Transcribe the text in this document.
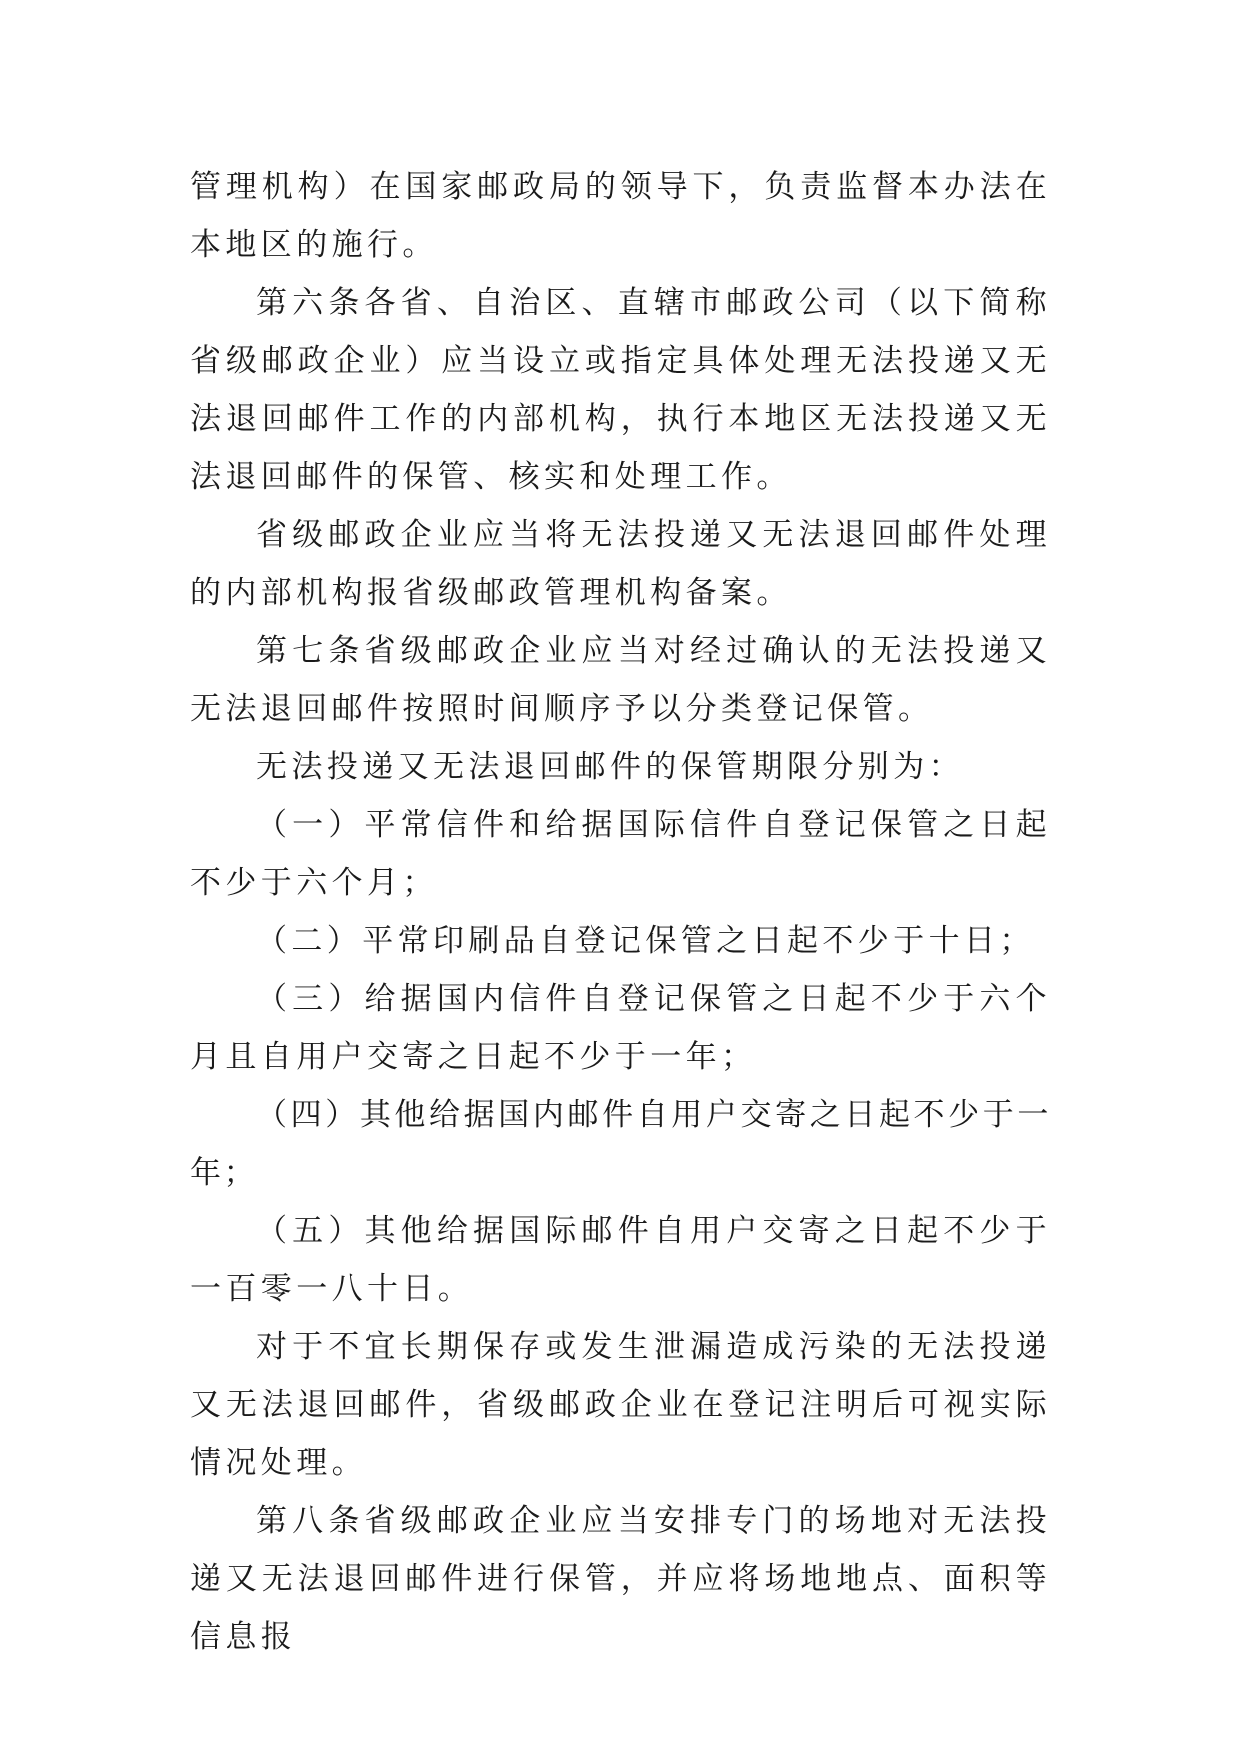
管理机构）在国家邮政局的领导下，负责监督本办法在本地区的施行。

第六条各省、自治区、直辖市邮政公司（以下简称省级邮政企业）应当设立或指定具体处理无法投递又无法退回邮件工作的内部机构，执行本地区无法投递又无法退回邮件的保管、核实和处理工作。

省级邮政企业应当将无法投递又无法退回邮件处理的内部机构报省级邮政管理机构备案。

第七条省级邮政企业应当对经过确认的无法投递又无法退回邮件按照时间顺序予以分类登记保管。

无法投递又无法退回邮件的保管期限分别为：

（一）平常信件和给据国际信件自登记保管之日起不少于六个月；

（二）平常印刷品自登记保管之日起不少于十日；

（三）给据国内信件自登记保管之日起不少于六个月且自用户交寄之日起不少于一年；

（四）其他给据国内邮件自用户交寄之日起不少于一年；

（五）其他给据国际邮件自用户交寄之日起不少于一百零一八十日。

对于不宜长期保存或发生泄漏造成污染的无法投递又无法退回邮件，省级邮政企业在登记注明后可视实际情况处理。

第八条省级邮政企业应当安排专门的场地对无法投递又无法退回邮件进行保管，并应将场地地点、面积等信息报
